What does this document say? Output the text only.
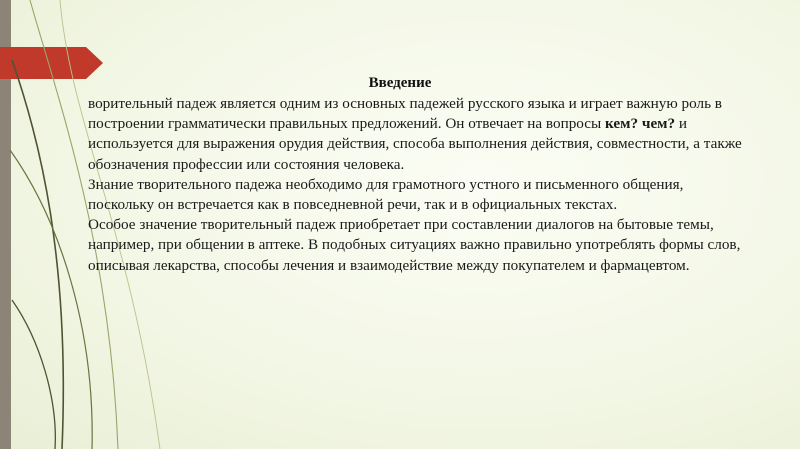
Введение

ворительный падеж является одним из основных падежей русского языка и играет важную роль в построении грамматически правильных предложений. Он отвечает на вопросы кем? чем? и используется для выражения орудия действия, способа выполнения действия, совместности, а также обозначения профессии или состояния человека.

Знание творительного падежа необходимо для грамотного устного и письменного общения, поскольку он встречается как в повседневной речи, так и в официальных текстах.

Особое значение творительный падеж приобретает при составлении диалогов на бытовые темы, например, при общении в аптеке. В подобных ситуациях важно правильно употреблять формы слов, описывая лекарства, способы лечения и взаимодействие между покупателем и фармацевтом.
